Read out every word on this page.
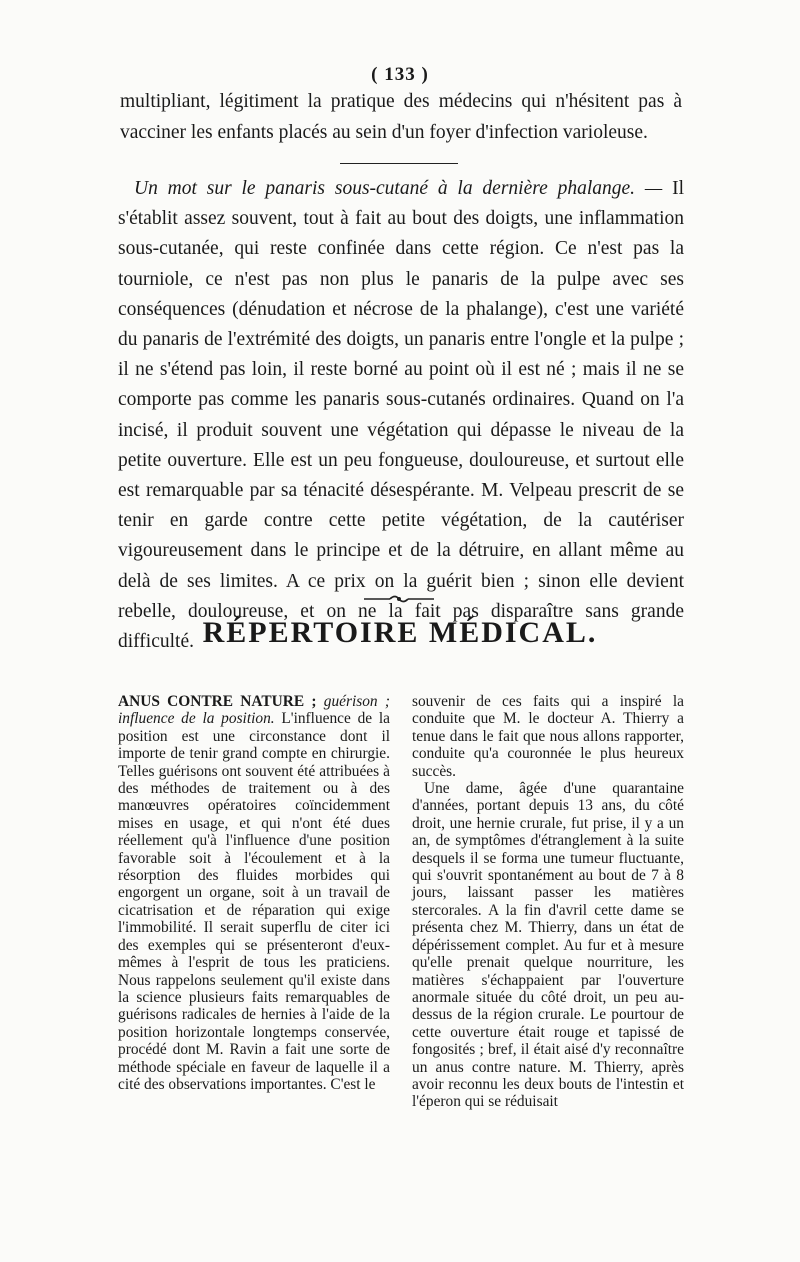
( 133 )

multipliant, légitiment la pratique des médecins qui n'hésitent pas à vacciner les enfants placés au sein d'un foyer d'infection varioleuse.

Un mot sur le panaris sous-cutané à la dernière phalange. — Il s'établit assez souvent, tout à fait au bout des doigts, une inflammation sous-cutanée, qui reste confinée dans cette région. Ce n'est pas la tourniole, ce n'est pas non plus le panaris de la pulpe avec ses conséquences (dénudation et nécrose de la phalange), c'est une variété du panaris de l'extrémité des doigts, un panaris entre l'ongle et la pulpe ; il ne s'étend pas loin, il reste borné au point où il est né ; mais il ne se comporte pas comme les panaris sous-cutanés ordinaires. Quand on l'a incisé, il produit souvent une végétation qui dépasse le niveau de la petite ouverture. Elle est un peu fongueuse, douloureuse, et surtout elle est remarquable par sa ténacité désespérante. M. Velpeau prescrit de se tenir en garde contre cette petite végétation, de la cautériser vigoureusement dans le principe et de la détruire, en allant même au delà de ses limites. A ce prix on la guérit bien ; sinon elle devient rebelle, douloureuse, et on ne la fait pas disparaître sans grande difficulté. RÉPERTOIRE MÉDICAL.

ANUS CONTRE NATURE ; guérison ; influence de la position. L'influence de la position est une circonstance dont il importe de tenir grand compte en chirurgie. Telles guérisons ont souvent été attribuées à des méthodes de traitement ou à des manœuvres opératoires coïncidemment mises en usage, et qui n'ont été dues réellement qu'à l'influence d'une position favorable soit à l'écoulement et à la résorption des fluides morbides qui engorgent un organe, soit à un travail de cicatrisation et de réparation qui exige l'immobilité. Il serait superflu de citer ici des exemples qui se présenteront d'eux-mêmes à l'esprit de tous les praticiens. Nous rappelons seulement qu'il existe dans la science plusieurs faits remarquables de guérisons radicales de hernies à l'aide de la position horizontale longtemps conservée, procédé dont M. Ravin a fait une sorte de méthode spéciale en faveur de laquelle il a cité des observations importantes. C'est le

souvenir de ces faits qui a inspiré la conduite que M. le docteur A. Thierry a tenue dans le fait que nous allons rapporter, conduite qu'a couronnée le plus heureux succès.

Une dame, âgée d'une quarantaine d'années, portant depuis 13 ans, du côté droit, une hernie crurale, fut prise, il y a un an, de symptômes d'étranglement à la suite desquels il se forma une tumeur fluctuante, qui s'ouvrit spontanément au bout de 7 à 8 jours, laissant passer les matières stercorales. A la fin d'avril cette dame se présenta chez M. Thierry, dans un état de dépérissement complet. Au fur et à mesure qu'elle prenait quelque nourriture, les matières s'échappaient par l'ouverture anormale située du côté droit, un peu au-dessus de la région crurale. Le pourtour de cette ouverture était rouge et tapissé de fongosités ; bref, il était aisé d'y reconnaître un anus contre nature. M. Thierry, après avoir reconnu les deux bouts de l'intestin et l'éperon qui se réduisait
